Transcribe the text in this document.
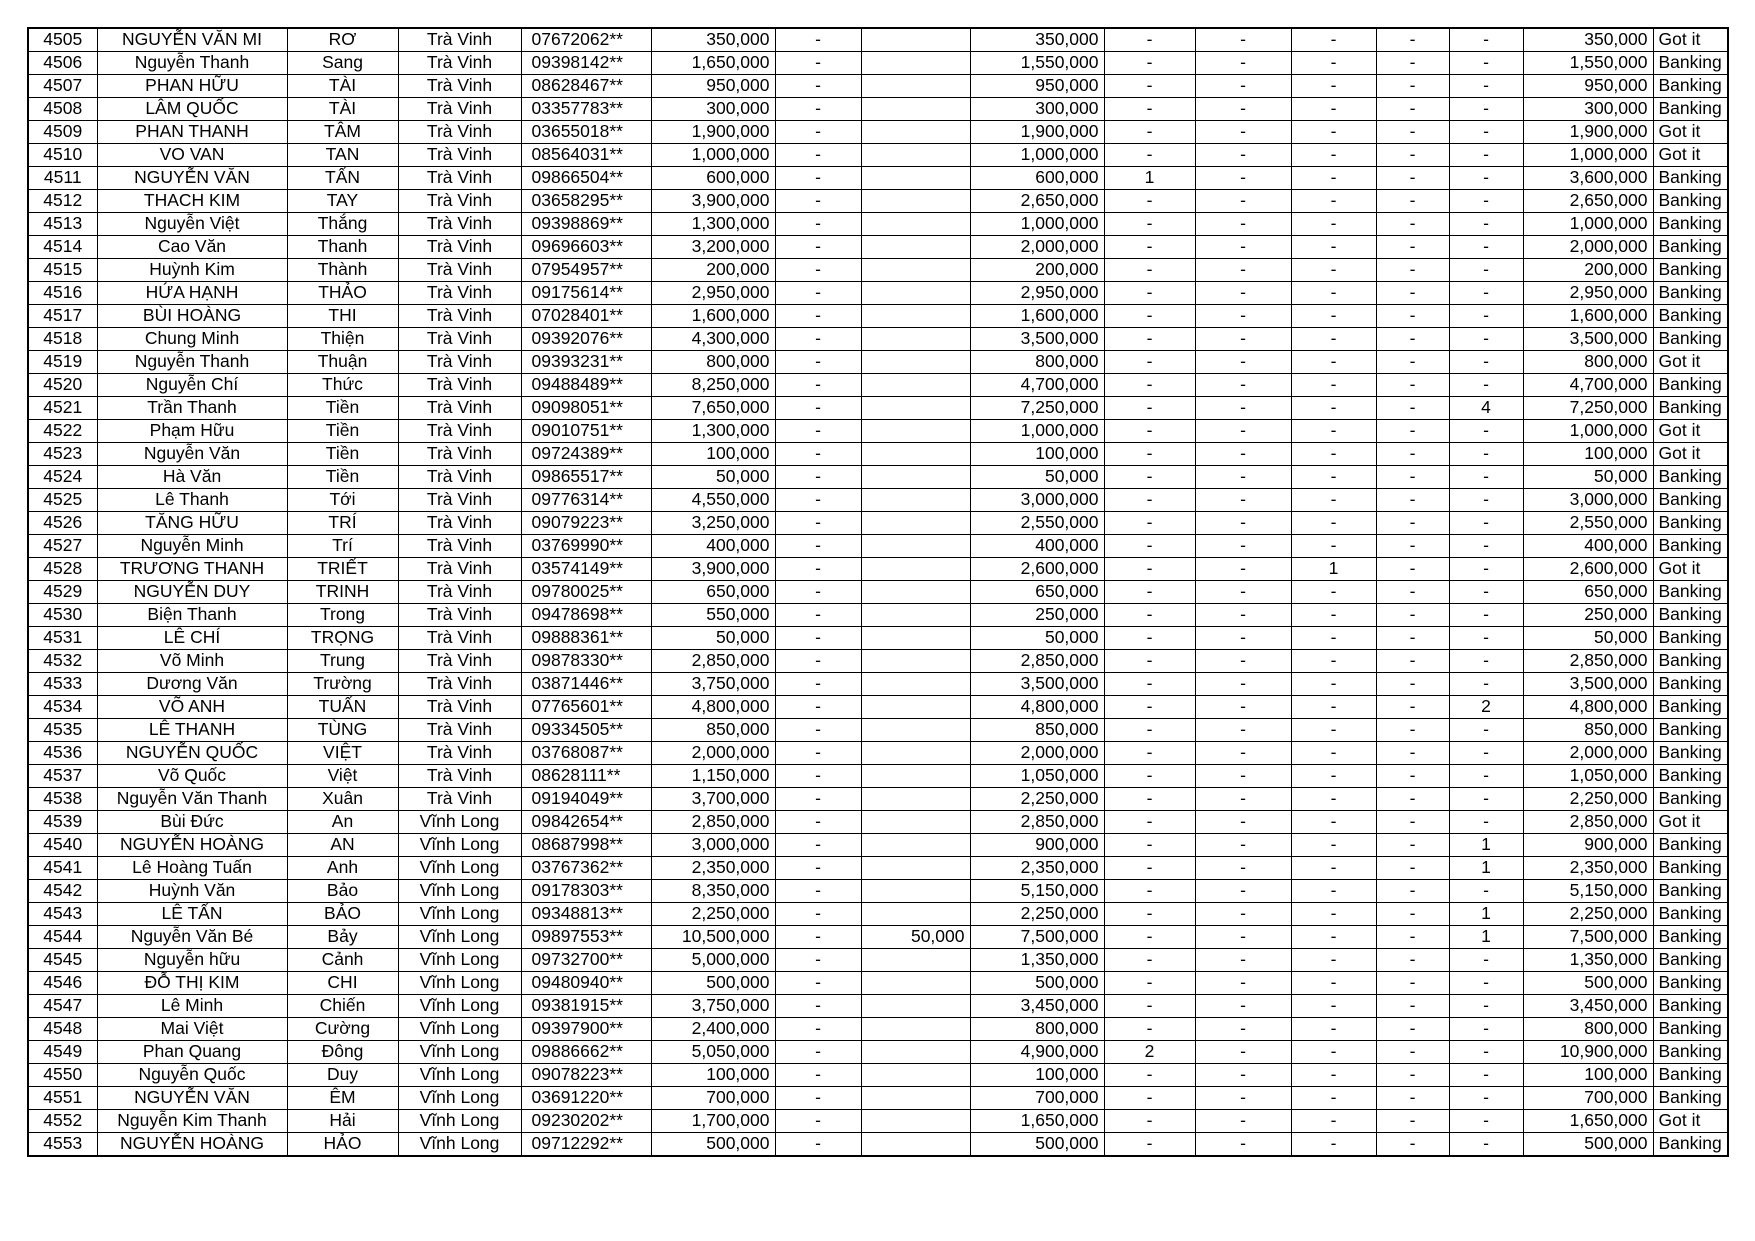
4505	NGUYỄN VĂN MI	RƠ	Trà Vinh	07672062**	350,000	-		350,000	-	-	-	-	-	350,000	Got it
4506	Nguyễn Thanh	Sang	Trà Vinh	09398142**	1,650,000	-		1,550,000	-	-	-	-	-	1,550,000	Banking
4507	PHAN HỮU	TÀI	Trà Vinh	08628467**	950,000	-		950,000	-	-	-	-	-	950,000	Banking
4508	LÂM QUỐC	TÀI	Trà Vinh	03357783**	300,000	-		300,000	-	-	-	-	-	300,000	Banking
4509	PHAN THANH	TÂM	Trà Vinh	03655018**	1,900,000	-		1,900,000	-	-	-	-	-	1,900,000	Got it
4510	VO VAN	TAN	Trà Vinh	08564031**	1,000,000	-		1,000,000	-	-	-	-	-	1,000,000	Got it
4511	NGUYỄN VĂN	TẤN	Trà Vinh	09866504**	600,000	-		600,000	1	-	-	-	-	3,600,000	Banking
4512	THACH KIM	TAY	Trà Vinh	03658295**	3,900,000	-		2,650,000	-	-	-	-	-	2,650,000	Banking
4513	Nguyễn Việt	Thắng	Trà Vinh	09398869**	1,300,000	-		1,000,000	-	-	-	-	-	1,000,000	Banking
4514	Cao Văn	Thanh	Trà Vinh	09696603**	3,200,000	-		2,000,000	-	-	-	-	-	2,000,000	Banking
4515	Huỳnh Kim	Thành	Trà Vinh	07954957**	200,000	-		200,000	-	-	-	-	-	200,000	Banking
4516	HỨA HẠNH	THẢO	Trà Vinh	09175614**	2,950,000	-		2,950,000	-	-	-	-	-	2,950,000	Banking
4517	BÙI HOÀNG	THI	Trà Vinh	07028401**	1,600,000	-		1,600,000	-	-	-	-	-	1,600,000	Banking
4518	Chung Minh	Thiện	Trà Vinh	09392076**	4,300,000	-		3,500,000	-	-	-	-	-	3,500,000	Banking
4519	Nguyễn Thanh	Thuận	Trà Vinh	09393231**	800,000	-		800,000	-	-	-	-	-	800,000	Got it
4520	Nguyễn Chí	Thức	Trà Vinh	09488489**	8,250,000	-		4,700,000	-	-	-	-	-	4,700,000	Banking
4521	Trần Thanh	Tiền	Trà Vinh	09098051**	7,650,000	-		7,250,000	-	-	-	-	4	7,250,000	Banking
4522	Phạm Hữu	Tiền	Trà Vinh	09010751**	1,300,000	-		1,000,000	-	-	-	-	-	1,000,000	Got it
4523	Nguyễn Văn	Tiền	Trà Vinh	09724389**	100,000	-		100,000	-	-	-	-	-	100,000	Got it
4524	Hà Văn	Tiền	Trà Vinh	09865517**	50,000	-		50,000	-	-	-	-	-	50,000	Banking
4525	Lê Thanh	Tới	Trà Vinh	09776314**	4,550,000	-		3,000,000	-	-	-	-	-	3,000,000	Banking
4526	TĂNG HỮU	TRÍ	Trà Vinh	09079223**	3,250,000	-		2,550,000	-	-	-	-	-	2,550,000	Banking
4527	Nguyễn Minh	Trí	Trà Vinh	03769990**	400,000	-		400,000	-	-	-	-	-	400,000	Banking
4528	TRƯƠNG THANH	TRIẾT	Trà Vinh	03574149**	3,900,000	-		2,600,000	-	-	1	-	-	2,600,000	Got it
4529	NGUYỄN DUY	TRINH	Trà Vinh	09780025**	650,000	-		650,000	-	-	-	-	-	650,000	Banking
4530	Biện Thanh	Trong	Trà Vinh	09478698**	550,000	-		250,000	-	-	-	-	-	250,000	Banking
4531	LÊ CHÍ	TRỌNG	Trà Vinh	09888361**	50,000	-		50,000	-	-	-	-	-	50,000	Banking
4532	Võ Minh	Trung	Trà Vinh	09878330**	2,850,000	-		2,850,000	-	-	-	-	-	2,850,000	Banking
4533	Dương Văn	Trường	Trà Vinh	03871446**	3,750,000	-		3,500,000	-	-	-	-	-	3,500,000	Banking
4534	VÕ ANH	TUẤN	Trà Vinh	07765601**	4,800,000	-		4,800,000	-	-	-	-	2	4,800,000	Banking
4535	LÊ THANH	TÙNG	Trà Vinh	09334505**	850,000	-		850,000	-	-	-	-	-	850,000	Banking
4536	NGUYỄN QUỐC	VIỆT	Trà Vinh	03768087**	2,000,000	-		2,000,000	-	-	-	-	-	2,000,000	Banking
4537	Võ Quốc	Việt	Trà Vinh	08628111**	1,150,000	-		1,050,000	-	-	-	-	-	1,050,000	Banking
4538	Nguyễn Văn Thanh	Xuân	Trà Vinh	09194049**	3,700,000	-		2,250,000	-	-	-	-	-	2,250,000	Banking
4539	Bùi Đức	An	Vĩnh Long	09842654**	2,850,000	-		2,850,000	-	-	-	-	-	2,850,000	Got it
4540	NGUYỄN HOÀNG	AN	Vĩnh Long	08687998**	3,000,000	-		900,000	-	-	-	-	1	900,000	Banking
4541	Lê Hoàng Tuấn	Anh	Vĩnh Long	03767362**	2,350,000	-		2,350,000	-	-	-	-	1	2,350,000	Banking
4542	Huỳnh Văn	Bảo	Vĩnh Long	09178303**	8,350,000	-		5,150,000	-	-	-	-	-	5,150,000	Banking
4543	LÊ TẤN	BẢO	Vĩnh Long	09348813**	2,250,000	-		2,250,000	-	-	-	-	1	2,250,000	Banking
4544	Nguyễn Văn Bé	Bảy	Vĩnh Long	09897553**	10,500,000	-	50,000	7,500,000	-	-	-	-	1	7,500,000	Banking
4545	Nguyễn hữu	Cảnh	Vĩnh Long	09732700**	5,000,000	-		1,350,000	-	-	-	-	-	1,350,000	Banking
4546	ĐỖ THỊ KIM	CHI	Vĩnh Long	09480940**	500,000	-		500,000	-	-	-	-	-	500,000	Banking
4547	Lê Minh	Chiến	Vĩnh Long	09381915**	3,750,000	-		3,450,000	-	-	-	-	-	3,450,000	Banking
4548	Mai Việt	Cường	Vĩnh Long	09397900**	2,400,000	-		800,000	-	-	-	-	-	800,000	Banking
4549	Phan Quang	Đông	Vĩnh Long	09886662**	5,050,000	-		4,900,000	2	-	-	-	-	10,900,000	Banking
4550	Nguyễn Quốc	Duy	Vĩnh Long	09078223**	100,000	-		100,000	-	-	-	-	-	100,000	Banking
4551	NGUYỄN VĂN	ÊM	Vĩnh Long	03691220**	700,000	-		700,000	-	-	-	-	-	700,000	Banking
4552	Nguyễn Kim Thanh	Hải	Vĩnh Long	09230202**	1,700,000	-		1,650,000	-	-	-	-	-	1,650,000	Got it
4553	NGUYỄN HOÀNG	HẢO	Vĩnh Long	09712292**	500,000	-		500,000	-	-	-	-	-	500,000	Banking
